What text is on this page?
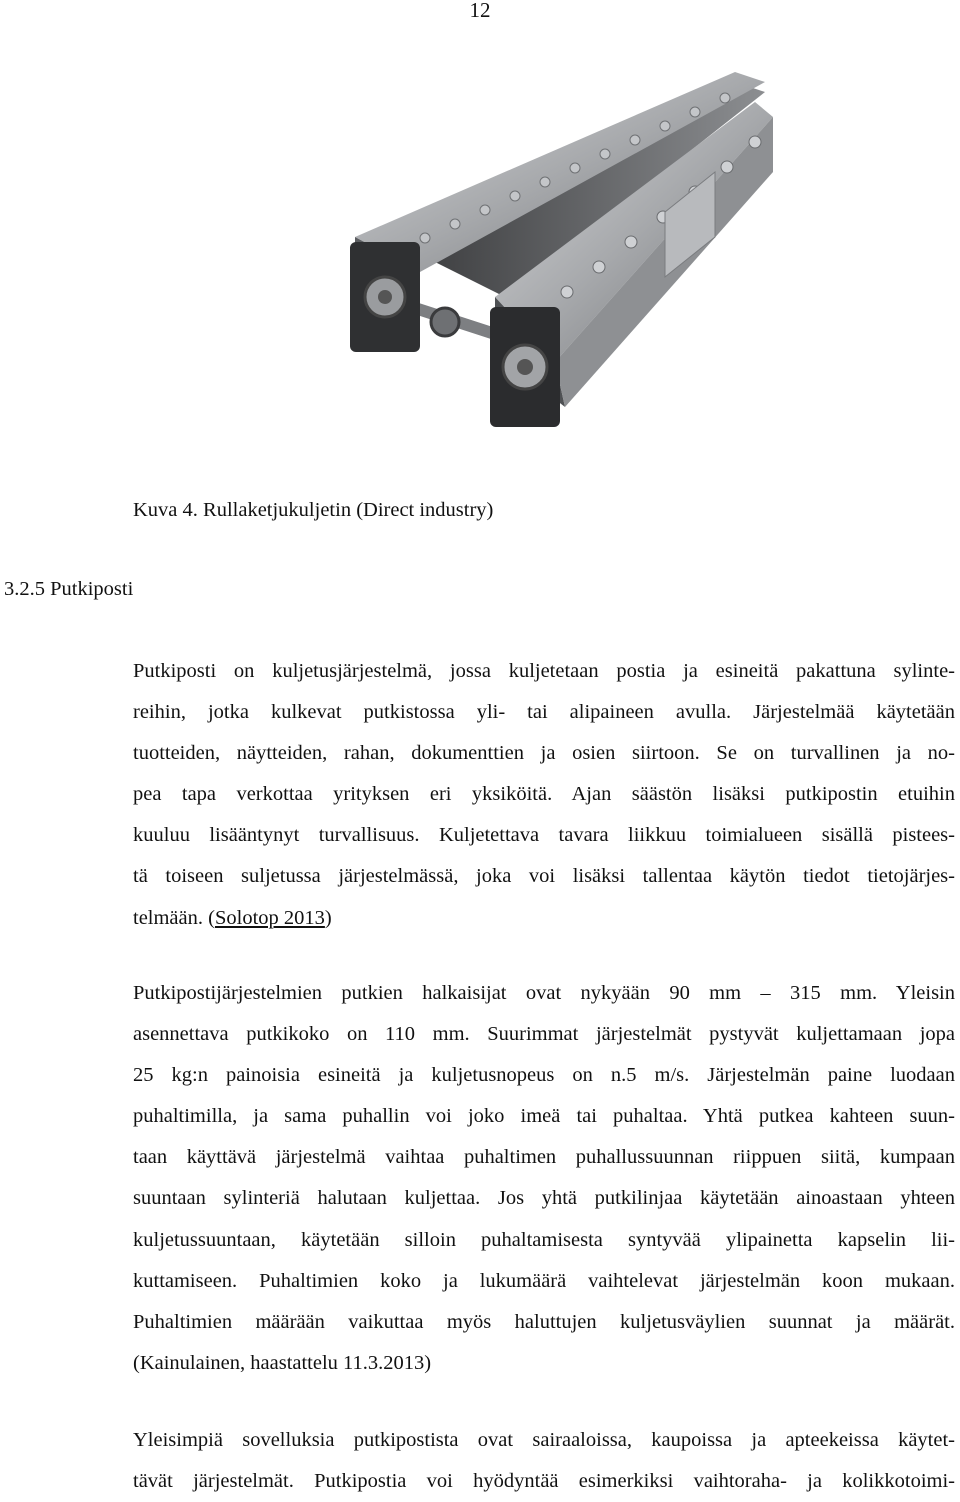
12
Kuva 4. Rullaketjukuljetin (Direct industry)
3.2.5 Putkiposti

Putkiposti on kuljetusjärjestelmä, jossa kuljetetaan postia ja esineitä pakattuna sylinte-
reihin, jotka kulkevat putkistossa yli- tai alipaineen avulla. Järjestelmää käytetään
tuotteiden, näytteiden, rahan, dokumenttien ja osien siirtoon. Se on turvallinen ja no-
pea tapa verkottaa yrityksen eri yksiköitä. Ajan säästön lisäksi putkipostin etuihin
kuuluu lisääntynyt turvallisuus. Kuljetettava tavara liikkuu toimialueen sisällä pistees-
tä toiseen suljetussa järjestelmässä, joka voi lisäksi tallentaa käytön tiedot tietojärjes-
telmään. (Solotop 2013)

Putkipostijärjestelmien putkien halkaisijat ovat nykyään 90 mm – 315 mm. Yleisin
asennettava putkikoko on 110 mm. Suurimmat järjestelmät pystyvät kuljettamaan jopa
25 kg:n painoisia esineitä ja kuljetusnopeus on n.5 m/s. Järjestelmän paine luodaan
puhaltimilla, ja sama puhallin voi joko imeä tai puhaltaa. Yhtä putkea kahteen suun-
taan käyttävä järjestelmä vaihtaa puhaltimen puhallussuunnan riippuen siitä, kumpaan
suuntaan sylinteriä halutaan kuljettaa. Jos yhtä putkilinjaa käytetään ainoastaan yhteen
kuljetussuuntaan, käytetään silloin puhaltamisesta syntyvää ylipainetta kapselin lii-
kuttamiseen. Puhaltimien koko ja lukumäärä vaihtelevat järjestelmän koon mukaan.
Puhaltimien määrään vaikuttaa myös haluttujen kuljetusväylien suunnat ja määrät.
(Kainulainen, haastattelu 11.3.2013)

Yleisimpiä sovelluksia putkipostista ovat sairaaloissa, kaupoissa ja apteekeissa käytet-
tävät järjestelmät. Putkipostia voi hyödyntää esimerkiksi vaihtoraha- ja kolikkotoimi-
